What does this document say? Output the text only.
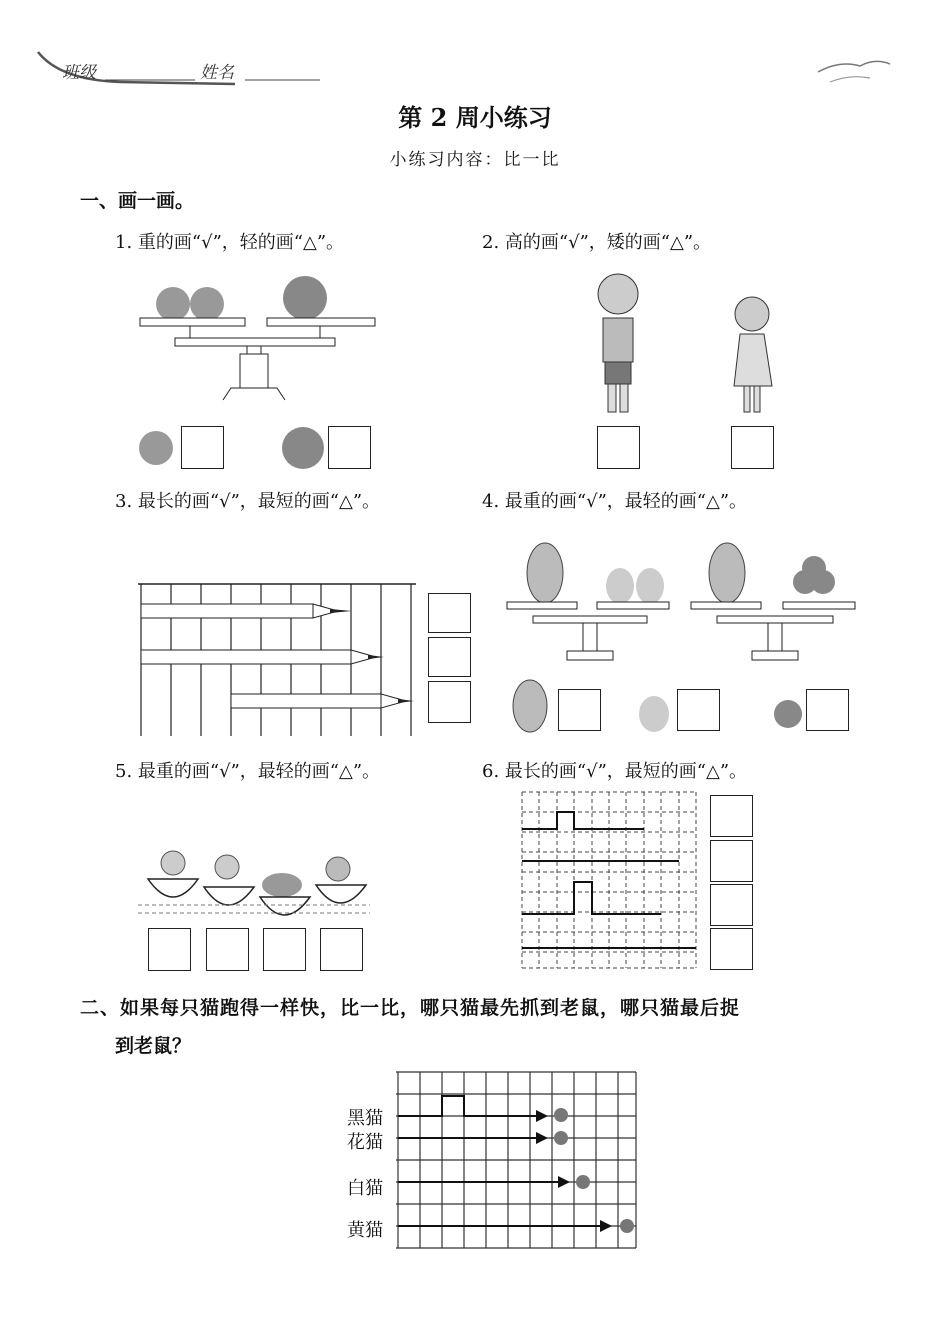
班级	姓名
第 2 周小练习
小练习内容：比一比
一、画一画。
1. 重的画“√”，轻的画“△”。	2. 高的画“√”，矮的画“△”。
3. 最长的画“√”，最短的画“△”。	4. 最重的画“√”，最轻的画“△”。
5. 最重的画“√”，最轻的画“△”。	6. 最长的画“√”，最短的画“△”。
二、如果每只猫跑得一样快，比一比，哪只猫最先抓到老鼠，哪只猫最后捉
到老鼠？
黑猫
花猫
白猫
黄猫
